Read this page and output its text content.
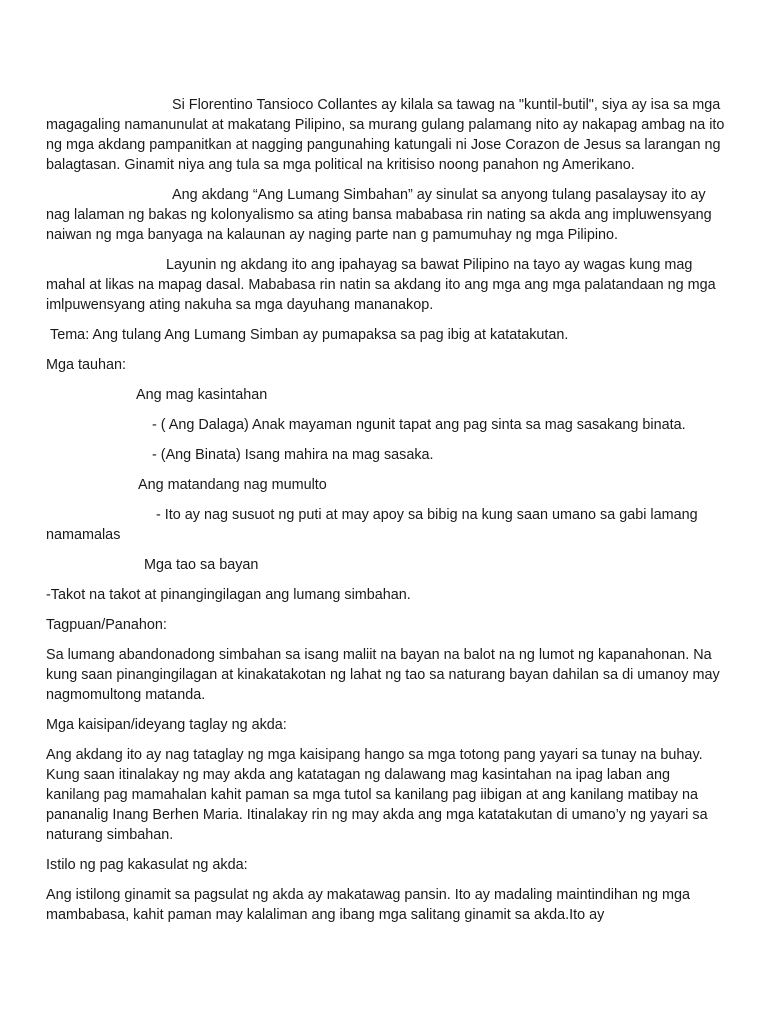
Si Florentino Tansioco Collantes ay kilala sa tawag na "kuntil-butil", siya ay isa sa mga magagaling namanunulat at makatang Pilipino, sa murang gulang palamang nito ay nakapag ambag na ito ng mga akdang pampanitkan at nagging pangunahing katungali ni Jose Corazon de Jesus sa larangan ng balagtasan. Ginamit niya ang tula sa mga political na kritisiso noong panahon ng Amerikano.

Ang akdang “Ang Lumang Simbahan” ay sinulat sa anyong tulang pasalaysay ito ay nag lalaman ng bakas ng kolonyalismo sa ating bansa mababasa rin nating sa akda ang impluwensyang naiwan ng mga banyaga na kalaunan ay naging parte nan g pamumuhay ng mga Pilipino.

Layunin ng akdang ito ang ipahayag sa bawat Pilipino na tayo ay wagas kung mag mahal at likas na mapag dasal. Mababasa rin natin sa akdang ito ang mga ang mga palatandaan ng mga imlpuwensyang ating nakuha sa mga dayuhang mananakop.

Tema: Ang tulang Ang Lumang Simban ay pumapaksa sa pag ibig at katatakutan.

Mga tauhan:

Ang mag kasintahan

- ( Ang Dalaga) Anak mayaman ngunit tapat ang pag sinta sa mag sasakang binata.

- (Ang Binata) Isang mahira na mag sasaka.

Ang matandang nag mumulto

- Ito ay nag susuot ng puti at may apoy sa bibig na kung saan umano sa gabi lamang namamalas

Mga tao sa bayan

-Takot na takot at pinangingilagan ang lumang simbahan.

Tagpuan/Panahon:

Sa lumang abandonadong simbahan sa isang maliit na bayan na balot na ng lumot ng kapanahonan. Na kung saan pinangingilagan at kinakatakotan ng lahat ng tao sa naturang bayan dahilan sa di umanoy may nagmomultong matanda.

Mga kaisipan/ideyang taglay ng akda:

Ang akdang ito ay nag tataglay ng mga kaisipang hango sa mga totong pang yayari sa tunay na buhay. Kung saan itinalakay ng may akda ang katatagan ng dalawang mag kasintahan na ipag laban ang kanilang pag mamahalan kahit paman sa mga tutol sa kanilang pag iibigan at ang kanilang matibay na pananalig Inang Berhen Maria. Itinalakay rin ng may akda ang mga katatakutan di umano’y ng yayari sa naturang simbahan.

Istilo ng pag kakasulat ng akda:

Ang istilong ginamit sa pagsulat ng akda ay makatawag pansin. Ito ay madaling maintindihan ng mga mambabasa, kahit paman may kalaliman ang ibang mga salitang ginamit sa akda.Ito ay
